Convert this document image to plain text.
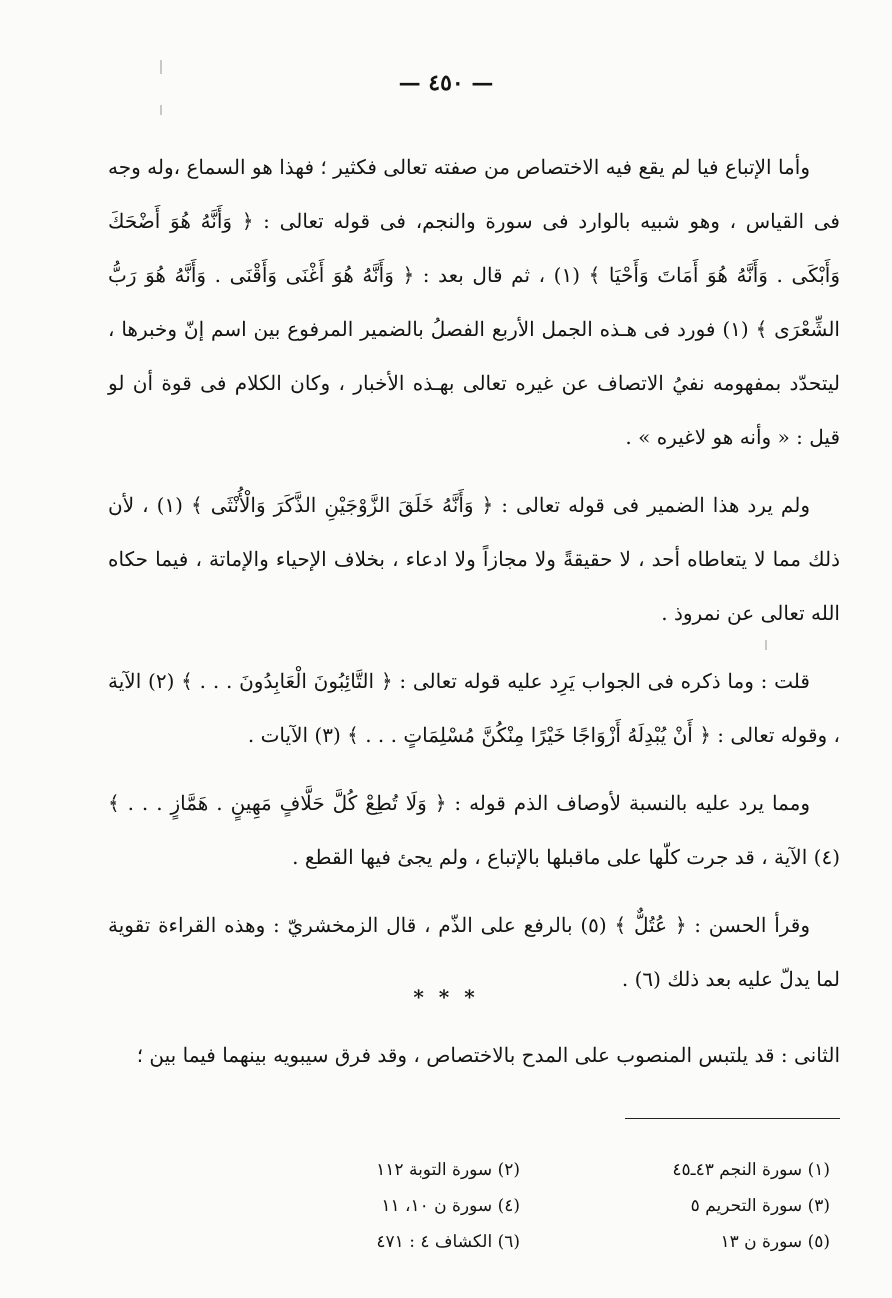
— ٤٥٠ —

وأما الإتباع فيا لم يقع فيه الاختصاص من صفته تعالى فكثير ؛ فهذا هو السماع ،وله وجه فى القياس ، وهو شبيه بالوارد فى سورة والنجم، فى قوله تعالى : ﴿ وَأَنَّهُ هُوَ أَضْحَكَ وَأَبْكَى . وَأَنَّهُ هُوَ أَمَاتَ وَأَحْيَا ﴾ (١) ، ثم قال بعد : ﴿ وَأَنَّهُ هُوَ أَغْنَى وَأَقْنَى . وَأَنَّهُ هُوَ رَبُّ الشِّعْرَى ﴾ (١) فورد فى هـذه الجمل الأربع الفصلُ بالضمير المرفوع بين اسم إنّ وخبرها ، ليتحدّد بمفهومه نفيُ الاتصاف عن غيره تعالى بهـذه الأخبار ، وكان الكلام فى قوة أن لو قيل : « وأنه هو لاغيره » .

ولم يرد هذا الضمير فى قوله تعالى : ﴿ وَأَنَّهُ خَلَقَ الزَّوْجَيْنِ الذَّكَرَ وَالْأُنْثَى ﴾ (١) ، لأن ذلك مما لا يتعاطاه أحد ، لا حقيقةً ولا مجازاً ولا ادعاء ، بخلاف الإحياء والإماتة ، فيما حكاه الله تعالى عن نمروذ .

قلت : وما ذكره فى الجواب يَرِد عليه قوله تعالى : ﴿ التَّائِبُونَ الْعَابِدُونَ . . . ﴾ (٢) الآية ، وقوله تعالى : ﴿ أَنْ يُبْدِلَهُ أَزْوَاجًا خَيْرًا مِنْكُنَّ مُسْلِمَاتٍ . . . ﴾ (٣) الآيات .

ومما يرد عليه بالنسبة لأوصاف الذم قوله : ﴿ وَلَا تُطِعْ كُلَّ حَلَّافٍ مَهِينٍ . هَمَّازٍ . . . ﴾ (٤) الآية ، قد جرت كلّها على ماقبلها بالإتباع ، ولم يجئ فيها القطع .

وقرأ الحسن : ﴿ عُتُلٌّ ﴾ (٥) بالرفع على الذّم ، قال الزمخشريّ : وهذه القراءة تقوية لما يدلّ عليه بعد ذلك (٦) .

* * *
الثانى : قد يلتبس المنصوب على المدح بالاختصاص ، وقد فرق سيبويه بينهما فيما بين ؛
(١) سورة النجم ٤٣ـ٤٥
(٢) سورة التوبة ١١٢
(٣) سورة التحريم ٥
(٤) سورة ن ١٠، ١١
(٥) سورة ن ١٣
(٦) الكشاف ٤ : ٤٧١
